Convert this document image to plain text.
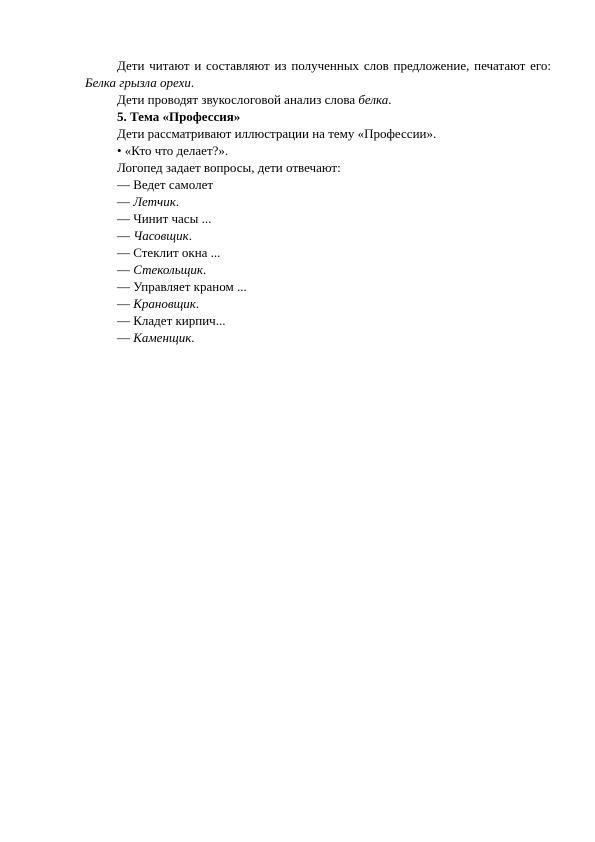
Дети читают и составляют из полученных слов предложение, печатают его: Белка грызла орехи.

Дети проводят звукослоговой анализ слова белка.

5. Тема «Профессия»

Дети рассматривают иллюстрации на тему «Профессии».

• «Кто что делает?».

Логопед задает вопросы, дети отвечают:

— Ведет самолет

— Летчик.

— Чинит часы ...

— Часовщик.

— Стеклит окна ...

— Стекольщик.

— Управляет краном ...

— Крановщик.

— Кладет кирпич...

— Каменщик.
